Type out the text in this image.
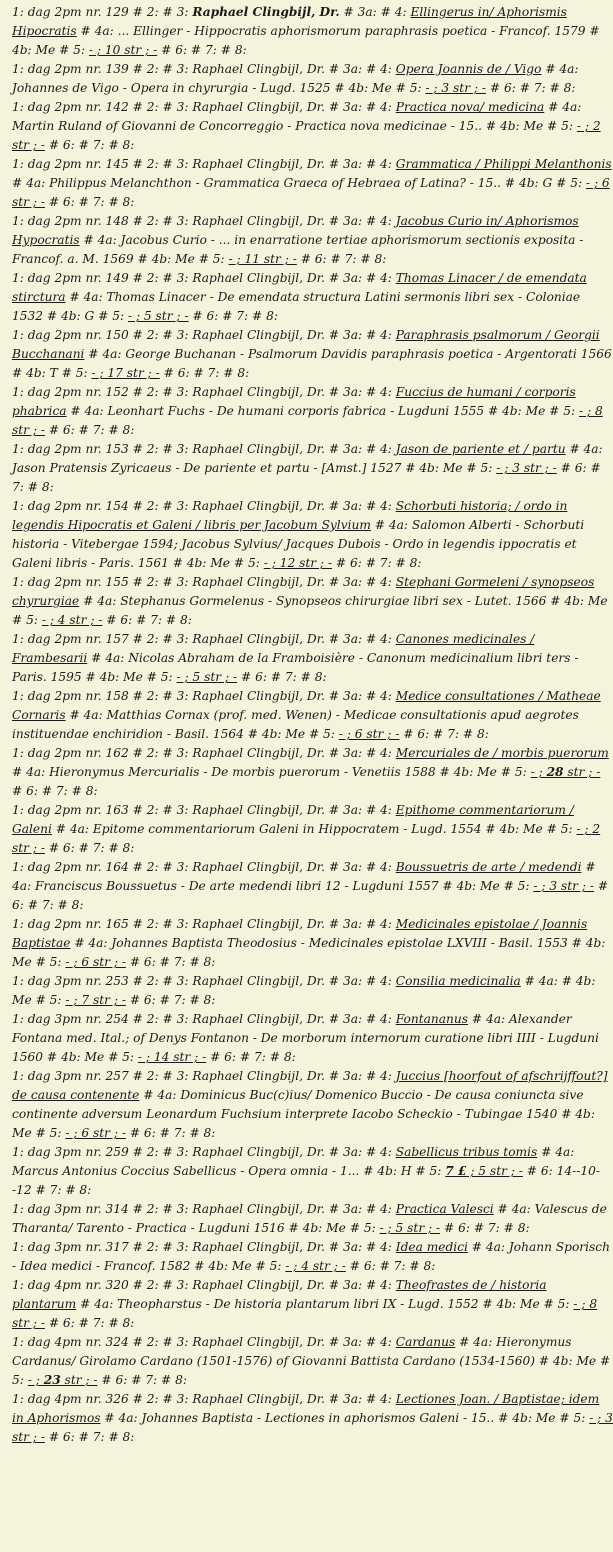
1: dag 2pm nr. 129 # 2: # 3: Raphael Clingbijl, Dr. # 3a: # 4: Ellingerus in/ Aphorismis Hipocratis # 4a: ... Ellinger - Hippocratis aphorismorum paraphrasis poetica - Francof. 1579 # 4b: Me # 5: - ; 10 str ; - # 6: # 7: # 8:

1: dag 2pm nr. 139 # 2: # 3: Raphael Clingbijl, Dr. # 3a: # 4: Opera Joannis de / Vigo # 4a: Johannes de Vigo - Opera in chyrurgia - Lugd. 1525 # 4b: Me # 5: - ; 3 str ; - # 6: # 7: # 8:

1: dag 2pm nr. 142 # 2: # 3: Raphael Clingbijl, Dr. # 3a: # 4: Practica nova/ medicina # 4a: Martin Ruland of Giovanni de Concorreggio - Practica nova medicinae - 15.. # 4b: Me # 5: - ; 2 str ; - # 6: # 7: # 8:

1: dag 2pm nr. 145 # 2: # 3: Raphael Clingbijl, Dr. # 3a: # 4: Grammatica / Philippi Melanthonis # 4a: Philippus Melanchthon - Grammatica Graeca of Hebraea of Latina? - 15.. # 4b: G # 5: - ; 6 str ; - # 6: # 7: # 8:

1: dag 2pm nr. 148 # 2: # 3: Raphael Clingbijl, Dr. # 3a: # 4: Jacobus Curio in/ Aphorismos Hypocratis # 4a: Jacobus Curio - ... in enarratione tertiae aphorismorum sectionis exposita - Francof. a. M. 1569 # 4b: Me # 5: - ; 11 str ; - # 6: # 7: # 8:

1: dag 2pm nr. 149 # 2: # 3: Raphael Clingbijl, Dr. # 3a: # 4: Thomas Linacer / de emendata stirctura # 4a: Thomas Linacer - De emendata structura Latini sermonis libri sex - Coloniae 1532 # 4b: G # 5: - ; 5 str ; - # 6: # 7: # 8:

1: dag 2pm nr. 150 # 2: # 3: Raphael Clingbijl, Dr. # 3a: # 4: Paraphrasis psalmorum / Georgii Bucchanani # 4a: George Buchanan - Psalmorum Davidis paraphrasis poetica - Argentorati 1566 # 4b: T # 5: - ; 17 str ; - # 6: # 7: # 8:

1: dag 2pm nr. 152 # 2: # 3: Raphael Clingbijl, Dr. # 3a: # 4: Fuccius de humani / corporis phabrica # 4a: Leonhart Fuchs - De humani corporis fabrica - Lugduni 1555 # 4b: Me # 5: - ; 8 str ; - # 6: # 7: # 8:

1: dag 2pm nr. 153 # 2: # 3: Raphael Clingbijl, Dr. # 3a: # 4: Jason de pariente et / partu # 4a: Jason Pratensis Zyricaeus - De pariente et partu - [Amst.] 1527 # 4b: Me # 5: - ; 3 str ; - # 6: # 7: # 8:

1: dag 2pm nr. 154 # 2: # 3: Raphael Clingbijl, Dr. # 3a: # 4: Schorbuti historia; / ordo in legendis Hipocratis et Galeni / libris per Jacobum Sylvium # 4a: Salomon Alberti - Schorbuti historia - Vitebergae 1594; Jacobus Sylvius/ Jacques Dubois - Ordo in legendis ippocratis et Galeni libris - Paris. 1561 # 4b: Me # 5: - ; 12 str ; - # 6: # 7: # 8:

1: dag 2pm nr. 155 # 2: # 3: Raphael Clingbijl, Dr. # 3a: # 4: Stephani Gormeleni / synopseos chyrurgiae # 4a: Stephanus Gormelenus - Synopseos chirurgiae libri sex - Lutet. 1566 # 4b: Me # 5: - ; 4 str ; - # 6: # 7: # 8:

1: dag 2pm nr. 157 # 2: # 3: Raphael Clingbijl, Dr. # 3a: # 4: Canones medicinales / Frambesarii # 4a: Nicolas Abraham de la Framboisière - Canonum medicinalium libri ters - Paris. 1595 # 4b: Me # 5: - ; 5 str ; - # 6: # 7: # 8:

1: dag 2pm nr. 158 # 2: # 3: Raphael Clingbijl, Dr. # 3a: # 4: Medice consultationes / Matheae Cornaris # 4a: Matthias Cornax (prof. med. Wenen) - Medicae consultationis apud aegrotes instituendae enchiridion - Basil. 1564 # 4b: Me # 5: - ; 6 str ; - # 6: # 7: # 8:

1: dag 2pm nr. 162 # 2: # 3: Raphael Clingbijl, Dr. # 3a: # 4: Mercuriales de / morbis puerorum # 4a: Hieronymus Mercurialis - De morbis puerorum - Venetiis 1588 # 4b: Me # 5: - ; 28 str ; - # 6: # 7: # 8:

1: dag 2pm nr. 163 # 2: # 3: Raphael Clingbijl, Dr. # 3a: # 4: Epithome commentariorum / Galeni # 4a: Epitome commentariorum Galeni in Hippocratem - Lugd. 1554 # 4b: Me # 5: - ; 2 str ; - # 6: # 7: # 8:

1: dag 2pm nr. 164 # 2: # 3: Raphael Clingbijl, Dr. # 3a: # 4: Boussuetris de arte / medendi # 4a: Franciscus Boussuetus - De arte medendi libri 12 - Lugduni 1557 # 4b: Me # 5: - ; 3 str ; - # 6: # 7: # 8:

1: dag 2pm nr. 165 # 2: # 3: Raphael Clingbijl, Dr. # 3a: # 4: Medicinales epistolae / Joannis Baptistae # 4a: Johannes Baptista Theodosius - Medicinales epistolae LXVIII - Basil. 1553 # 4b: Me # 5: - ; 6 str ; - # 6: # 7: # 8:

1: dag 3pm nr. 253 # 2: # 3: Raphael Clingbijl, Dr. # 3a: # 4: Consilia medicinalia # 4a: # 4b: Me # 5: - ; 7 str ; - # 6: # 7: # 8:

1: dag 3pm nr. 254 # 2: # 3: Raphael Clingbijl, Dr. # 3a: # 4: Fontananus # 4a: Alexander Fontana med. Ital.; of Denys Fontanon - De morborum internorum curatione libri IIII - Lugduni 1560 # 4b: Me # 5: - ; 14 str ; - # 6: # 7: # 8:

1: dag 3pm nr. 257 # 2: # 3: Raphael Clingbijl, Dr. # 3a: # 4: Juccius [hoorfout of afschrijffout?] de causa contenente # 4a: Dominicus Buc(c)ius/ Domenico Buccio - De causa coniuncta sive continente adversum Leonardum Fuchsium interprete Iacobo Scheckio - Tubingae 1540 # 4b: Me # 5: - ; 6 str ; - # 6: # 7: # 8:

1: dag 3pm nr. 259 # 2: # 3: Raphael Clingbijl, Dr. # 3a: # 4: Sabellicus tribus tomis # 4a: Marcus Antonius Coccius Sabellicus - Opera omnia - 1... # 4b: H # 5: 7 £ ; 5 str ; - # 6: 14--10--12 # 7: # 8:

1: dag 3pm nr. 314 # 2: # 3: Raphael Clingbijl, Dr. # 3a: # 4: Practica Valesci # 4a: Valescus de Tharanta/ Tarento - Practica - Lugduni 1516 # 4b: Me # 5: - ; 5 str ; - # 6: # 7: # 8:

1: dag 3pm nr. 317 # 2: # 3: Raphael Clingbijl, Dr. # 3a: # 4: Idea medici # 4a: Johann Sporisch - Idea medici - Francof. 1582 # 4b: Me # 5: - ; 4 str ; - # 6: # 7: # 8:

1: dag 4pm nr. 320 # 2: # 3: Raphael Clingbijl, Dr. # 3a: # 4: Theofrastes de / historia plantarum # 4a: Theopharstus - De historia plantarum libri IX - Lugd. 1552 # 4b: Me # 5: - ; 8 str ; - # 6: # 7: # 8:

1: dag 4pm nr. 324 # 2: # 3: Raphael Clingbijl, Dr. # 3a: # 4: Cardanus # 4a: Hieronymus Cardanus/ Girolamo Cardano (1501-1576) of Giovanni Battista Cardano (1534-1560) # 4b: Me # 5: - ; 23 str ; - # 6: # 7: # 8:

1: dag 4pm nr. 326 # 2: # 3: Raphael Clingbijl, Dr. # 3a: # 4: Lectiones Joan. / Baptistae; idem in Aphorismos # 4a: Johannes Baptista - Lectiones in aphorismos Galeni - 15.. # 4b: Me # 5: - ; 3 str ; - # 6: # 7: # 8:
